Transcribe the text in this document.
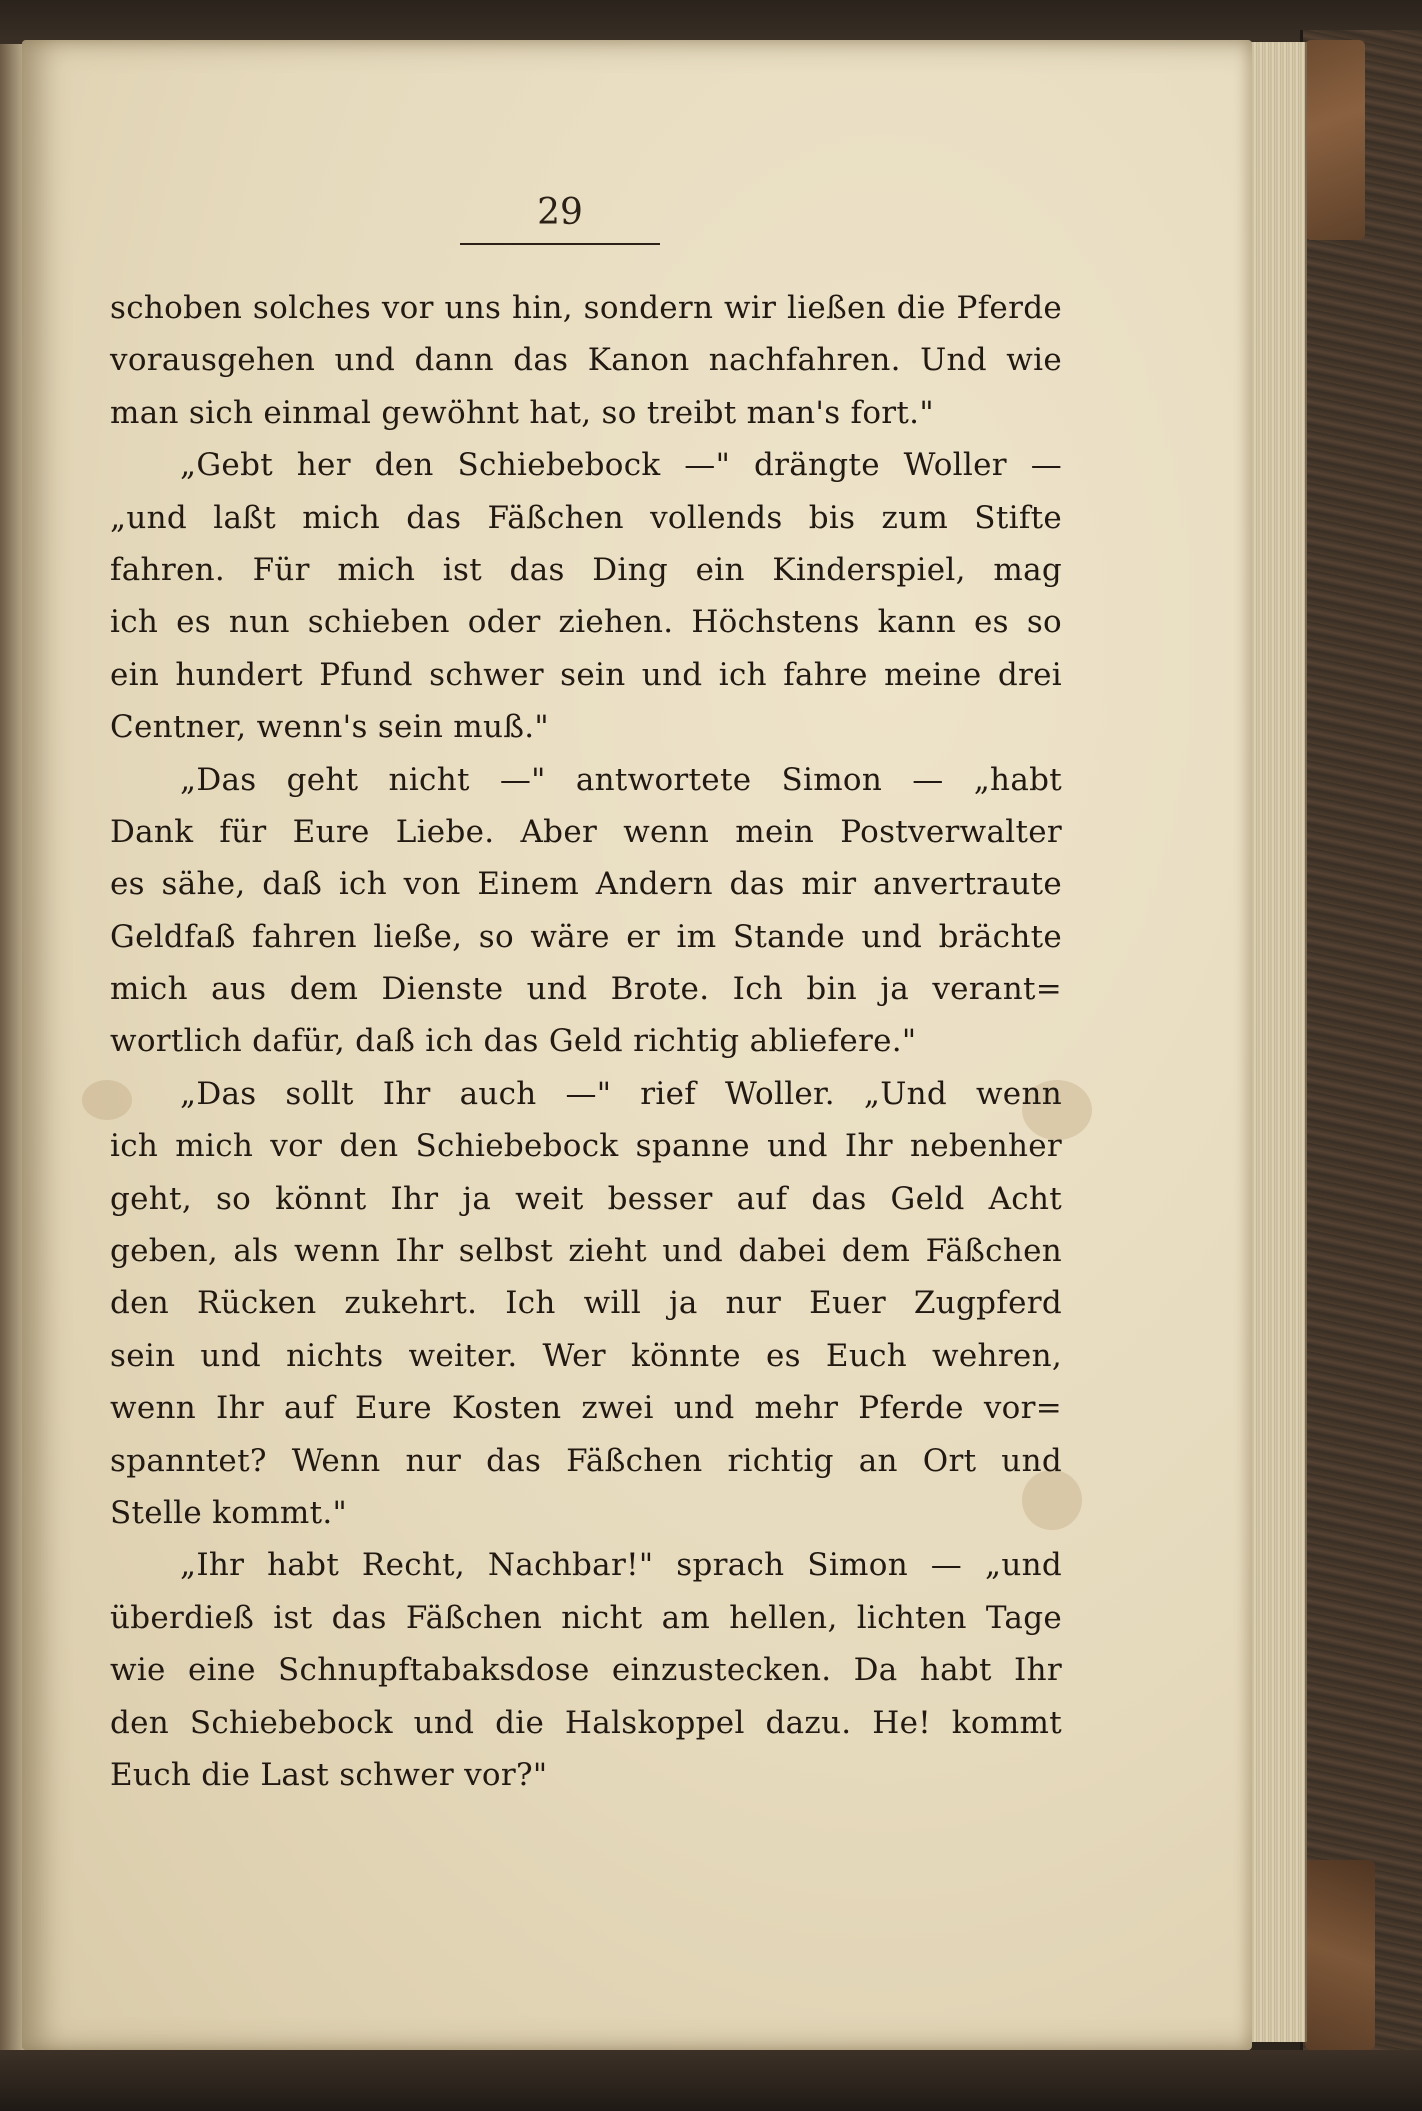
29
schoben solches vor uns hin, sondern wir ließen die Pferde
vorausgehen und dann das Kanon nachfahren. Und wie
man sich einmal gewöhnt hat, so treibt man's fort."
„Gebt her den Schiebebock —" drängte Woller —
„und laßt mich das Fäßchen vollends bis zum Stifte
fahren. Für mich ist das Ding ein Kinderspiel, mag
ich es nun schieben oder ziehen. Höchstens kann es so
ein hundert Pfund schwer sein und ich fahre meine drei
Centner, wenn's sein muß."
„Das geht nicht —" antwortete Simon — „habt
Dank für Eure Liebe. Aber wenn mein Postverwalter
es sähe, daß ich von Einem Andern das mir anvertraute
Geldfaß fahren ließe, so wäre er im Stande und brächte
mich aus dem Dienste und Brote. Ich bin ja verant=
wortlich dafür, daß ich das Geld richtig abliefere."
„Das sollt Ihr auch —" rief Woller. „Und wenn
ich mich vor den Schiebebock spanne und Ihr nebenher
geht, so könnt Ihr ja weit besser auf das Geld Acht
geben, als wenn Ihr selbst zieht und dabei dem Fäßchen
den Rücken zukehrt. Ich will ja nur Euer Zugpferd
sein und nichts weiter. Wer könnte es Euch wehren,
wenn Ihr auf Eure Kosten zwei und mehr Pferde vor=
spanntet? Wenn nur das Fäßchen richtig an Ort und
Stelle kommt."
„Ihr habt Recht, Nachbar!" sprach Simon — „und
überdieß ist das Fäßchen nicht am hellen, lichten Tage
wie eine Schnupftabaksdose einzustecken. Da habt Ihr
den Schiebebock und die Halskoppel dazu. He! kommt
Euch die Last schwer vor?"
